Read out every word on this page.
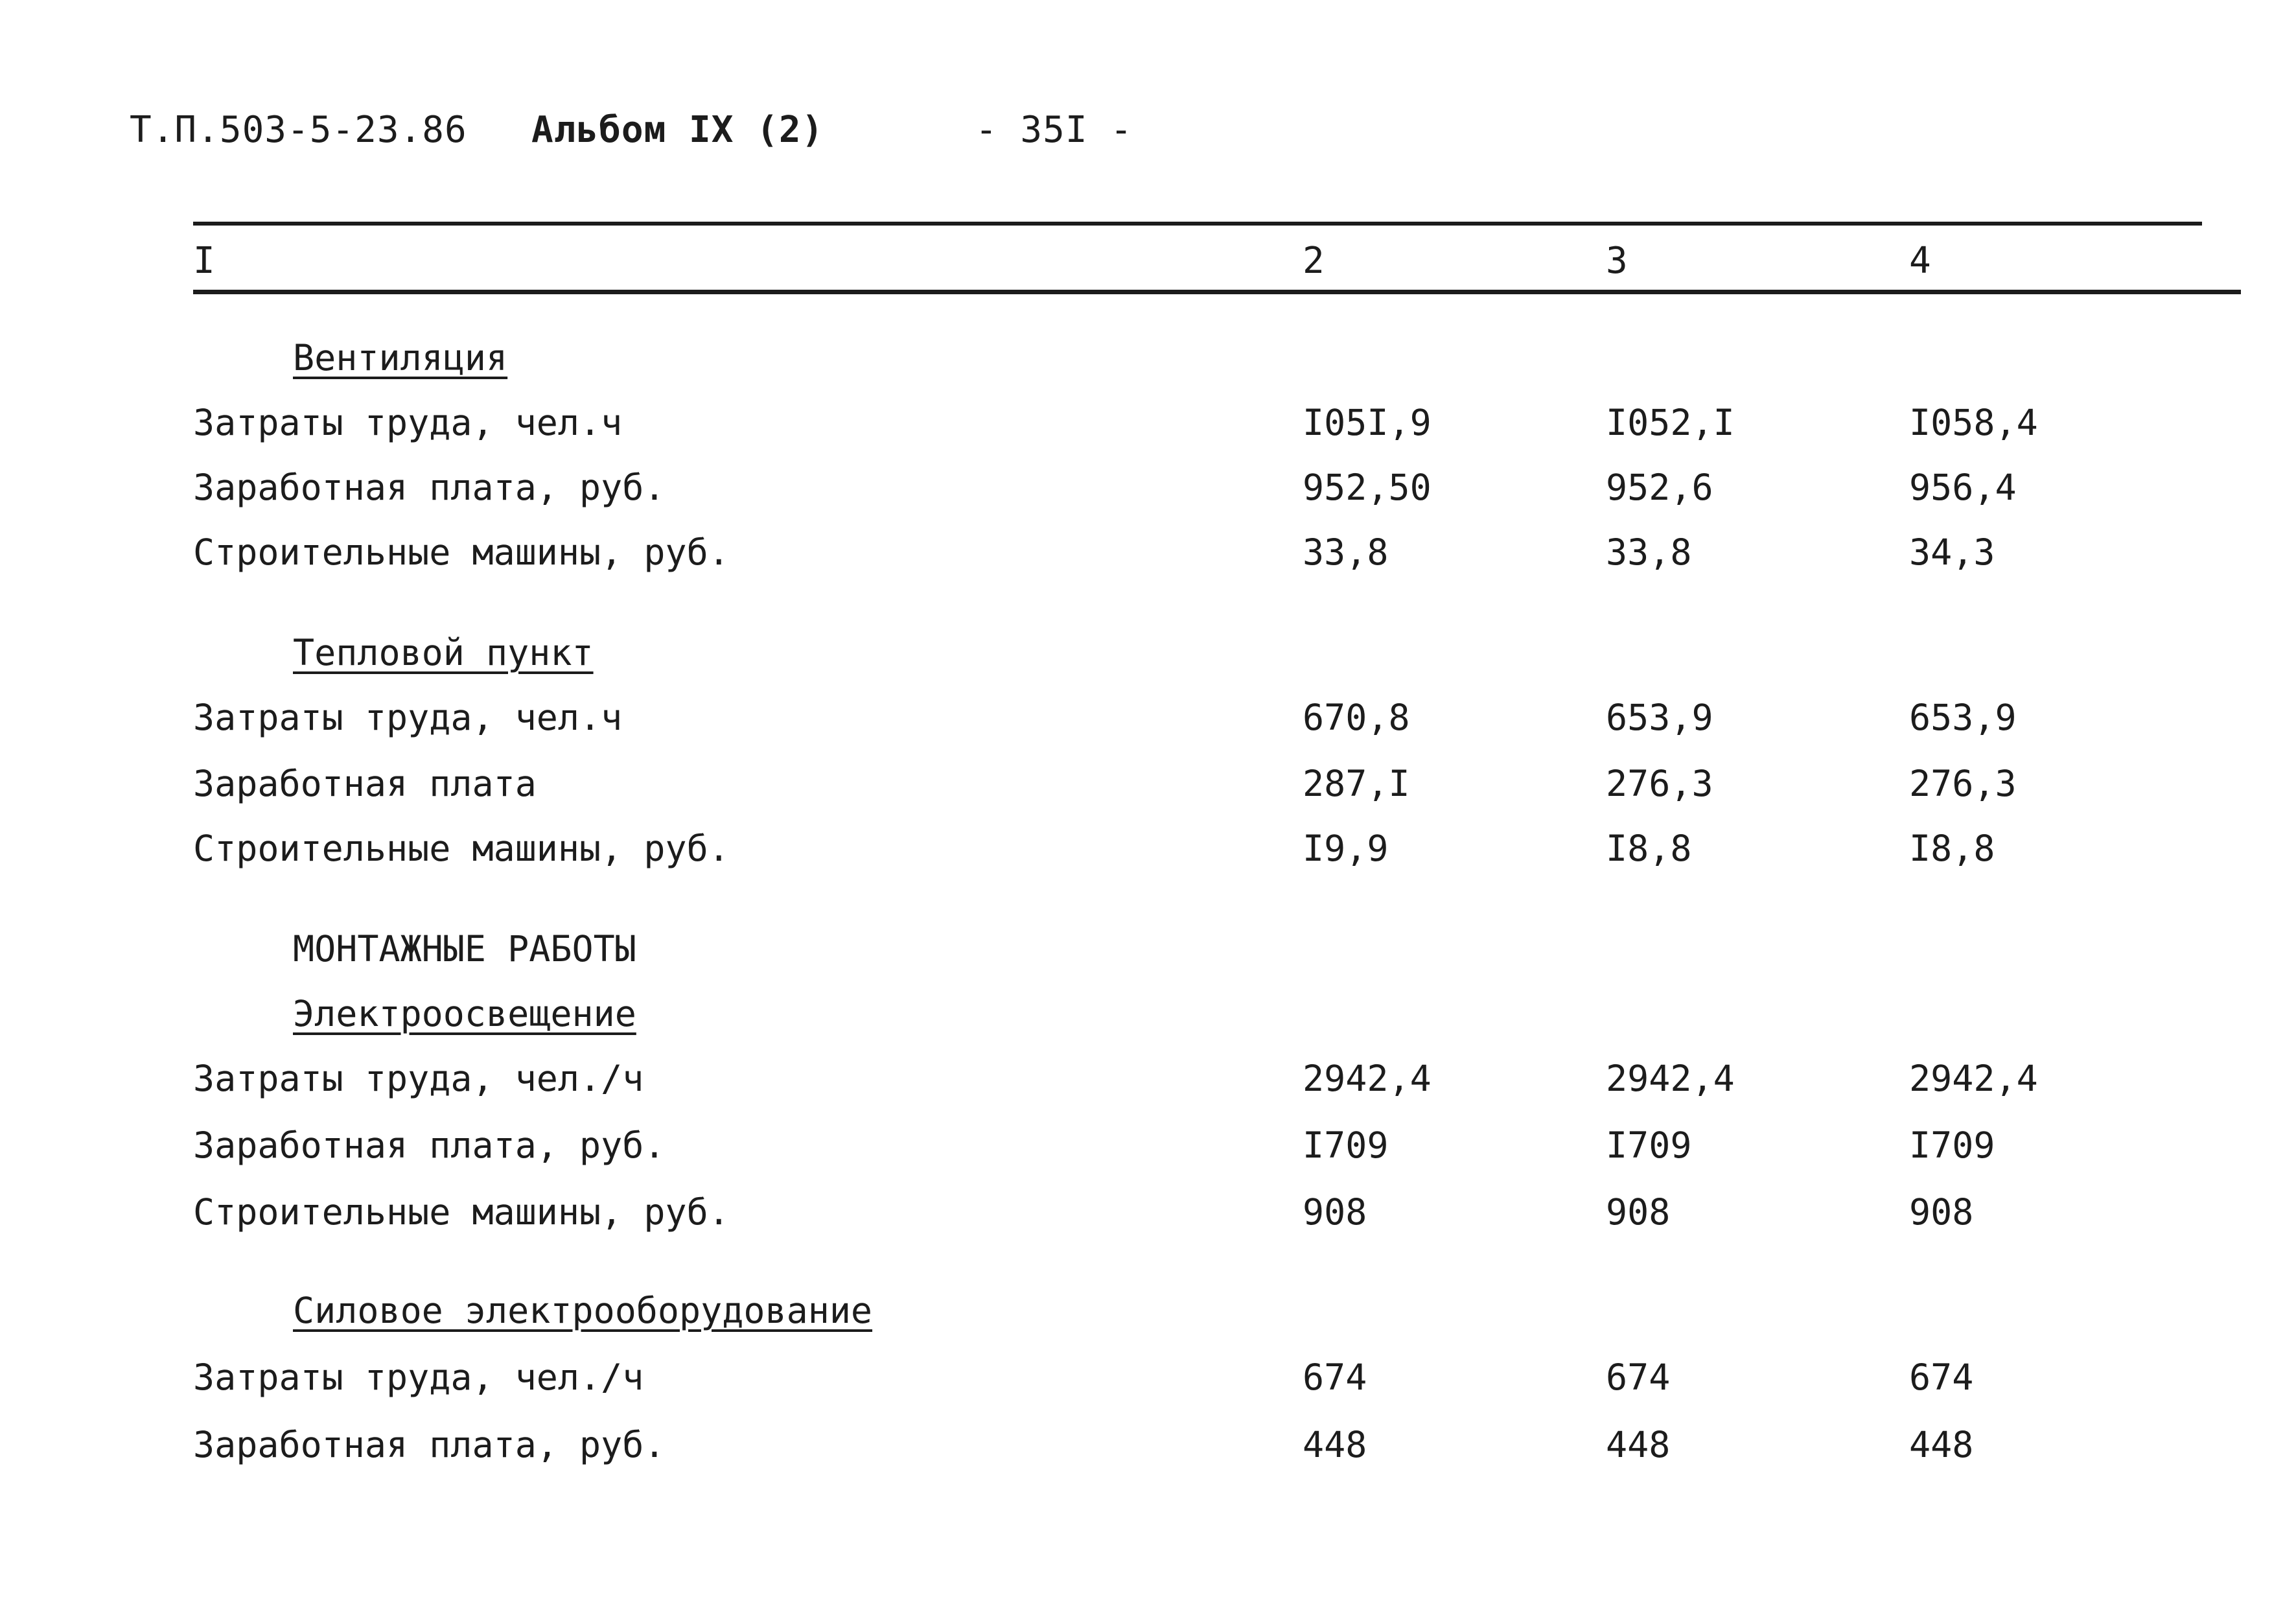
Т.П.503-5-23.86 Альбом IX (2)	- 35I -
I	2	3	4
Вентиляция
Затраты труда, чел.ч	I05I,9	I052,I	I058,4
Заработная плата, руб.	952,50	952,6	956,4
Строительные машины, руб.	33,8	33,8	34,3
Тепловой пункт
Затраты труда, чел.ч	670,8	653,9	653,9
Заработная плата	287,I	276,3	276,3
Строительные машины, руб.	I9,9	I8,8	I8,8
МОНТАЖНЫЕ РАБОТЫ
Электроосвещение
Затраты труда, чел./ч	2942,4	2942,4	2942,4
Заработная плата, руб.	I709	I709	I709
Строительные машины, руб.	908	908	908
Силовое электрооборудование
Затраты труда, чел./ч	674	674	674
Заработная плата, руб.	448	448	448
